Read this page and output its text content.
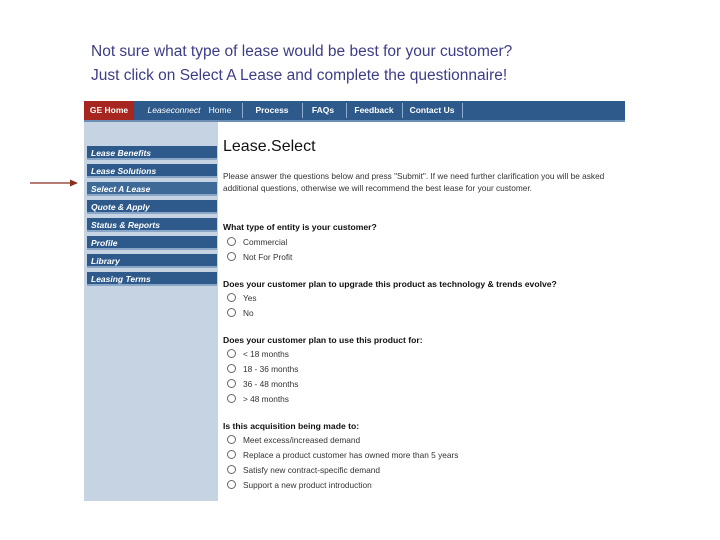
Not sure what type of lease would be best for your customer?
Just click on Select A Lease and complete the questionnaire!
GE Home	Leaseconnect Home	Process	FAQs	Feedback	Contact Us
Lease Benefits
Lease Solutions
Select A Lease
Quote & Apply
Status & Reports
Profile
Library
Leasing Terms
Lease.Select
Please answer the questions below and press "Submit". If we need further clarification you will be asked additional questions, otherwise we will recommend the best lease for your customer.
What type of entity is your customer?
Commercial
Not For Profit
Does your customer plan to upgrade this product as technology & trends evolve?
Yes
No
Does your customer plan to use this product for:
< 18 months
18 - 36 months
36 - 48 months
> 48 months
Is this acquisition being made to:
Meet excess/increased demand
Replace a product customer has owned more than 5 years
Satisfy new contract-specific demand
Support a new product introduction
